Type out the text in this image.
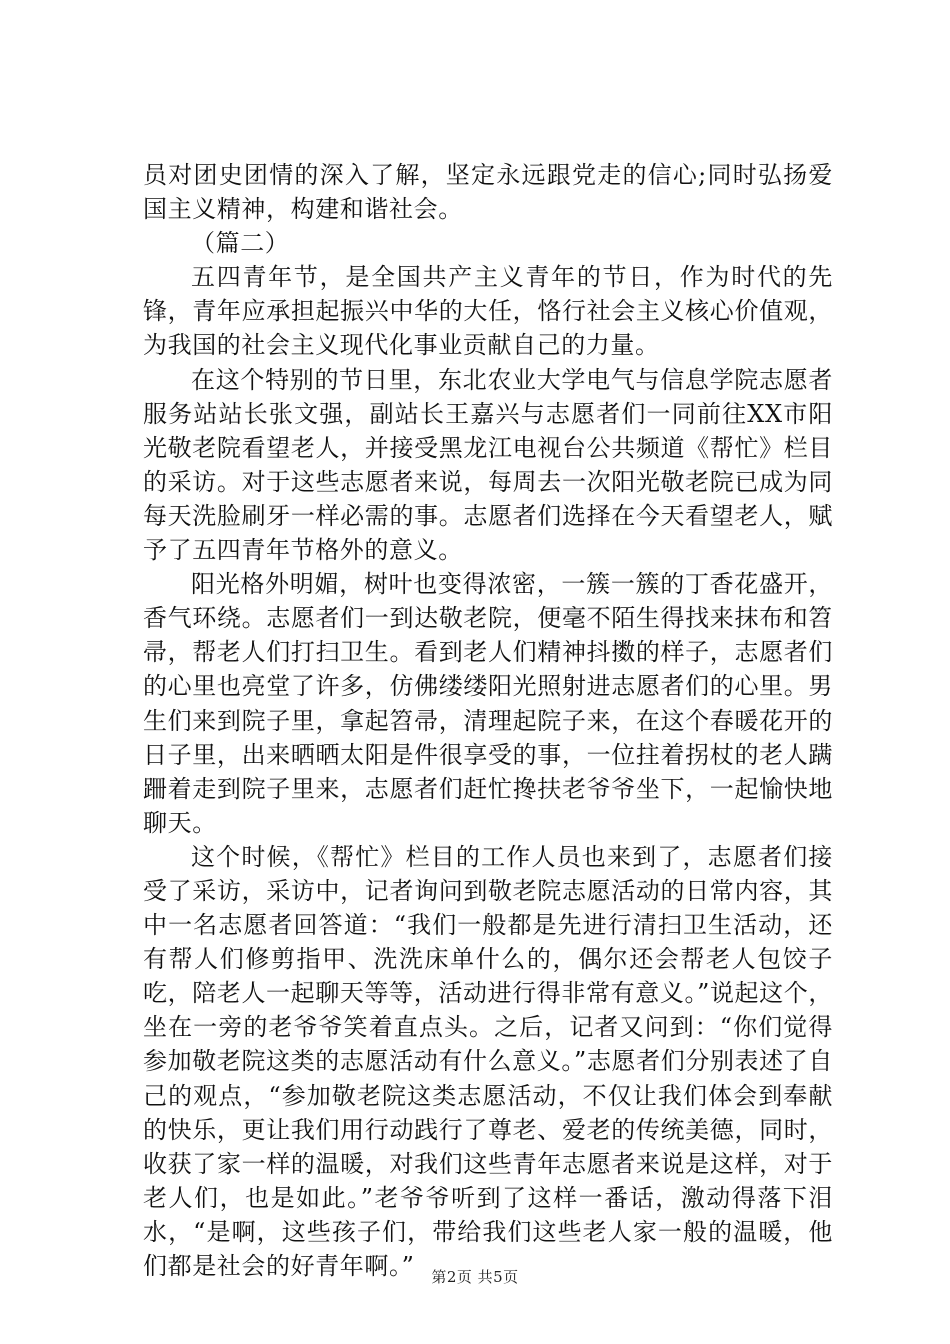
员对团史团情的深入了解，坚定永远跟党走的信心;同时弘扬爱国主义精神，构建和谐社会。

（篇二）

五四青年节，是全国共产主义青年的节日，作为时代的先锋，青年应承担起振兴中华的大任，恪行社会主义核心价值观，为我国的社会主义现代化事业贡献自己的力量。

在这个特别的节日里，东北农业大学电气与信息学院志愿者服务站站长张文强，副站长王嘉兴与志愿者们一同前往XX市阳光敬老院看望老人，并接受黑龙江电视台公共频道《帮忙》栏目的采访。对于这些志愿者来说，每周去一次阳光敬老院已成为同每天洗脸刷牙一样必需的事。志愿者们选择在今天看望老人，赋予了五四青年节格外的意义。

阳光格外明媚，树叶也变得浓密，一簇一簇的丁香花盛开，香气环绕。志愿者们一到达敬老院，便毫不陌生得找来抹布和笤帚，帮老人们打扫卫生。看到老人们精神抖擞的样子，志愿者们的心里也亮堂了许多，仿佛缕缕阳光照射进志愿者们的心里。男生们来到院子里，拿起笤帚，清理起院子来，在这个春暖花开的日子里，出来晒晒太阳是件很享受的事，一位拄着拐杖的老人蹒跚着走到院子里来，志愿者们赶忙搀扶老爷爷坐下，一起愉快地聊天。

这个时候，《帮忙》栏目的工作人员也来到了，志愿者们接受了采访，采访中，记者询问到敬老院志愿活动的日常内容，其中一名志愿者回答道：“我们一般都是先进行清扫卫生活动，还有帮人们修剪指甲、洗洗床单什么的，偶尔还会帮老人包饺子吃，陪老人一起聊天等等，活动进行得非常有意义。”说起这个，坐在一旁的老爷爷笑着直点头。之后，记者又问到：“你们觉得参加敬老院这类的志愿活动有什么意义。”志愿者们分别表述了自己的观点，“参加敬老院这类志愿活动，不仅让我们体会到奉献的快乐，更让我们用行动践行了尊老、爱老的传统美德，同时，收获了家一样的温暖，对我们这些青年志愿者来说是这样，对于老人们，也是如此。”老爷爷听到了这样一番话，激动得落下泪水，“是啊，这些孩子们，带给我们这些老人家一般的温暖，他们都是社会的好青年啊。”	第2页 共5页
